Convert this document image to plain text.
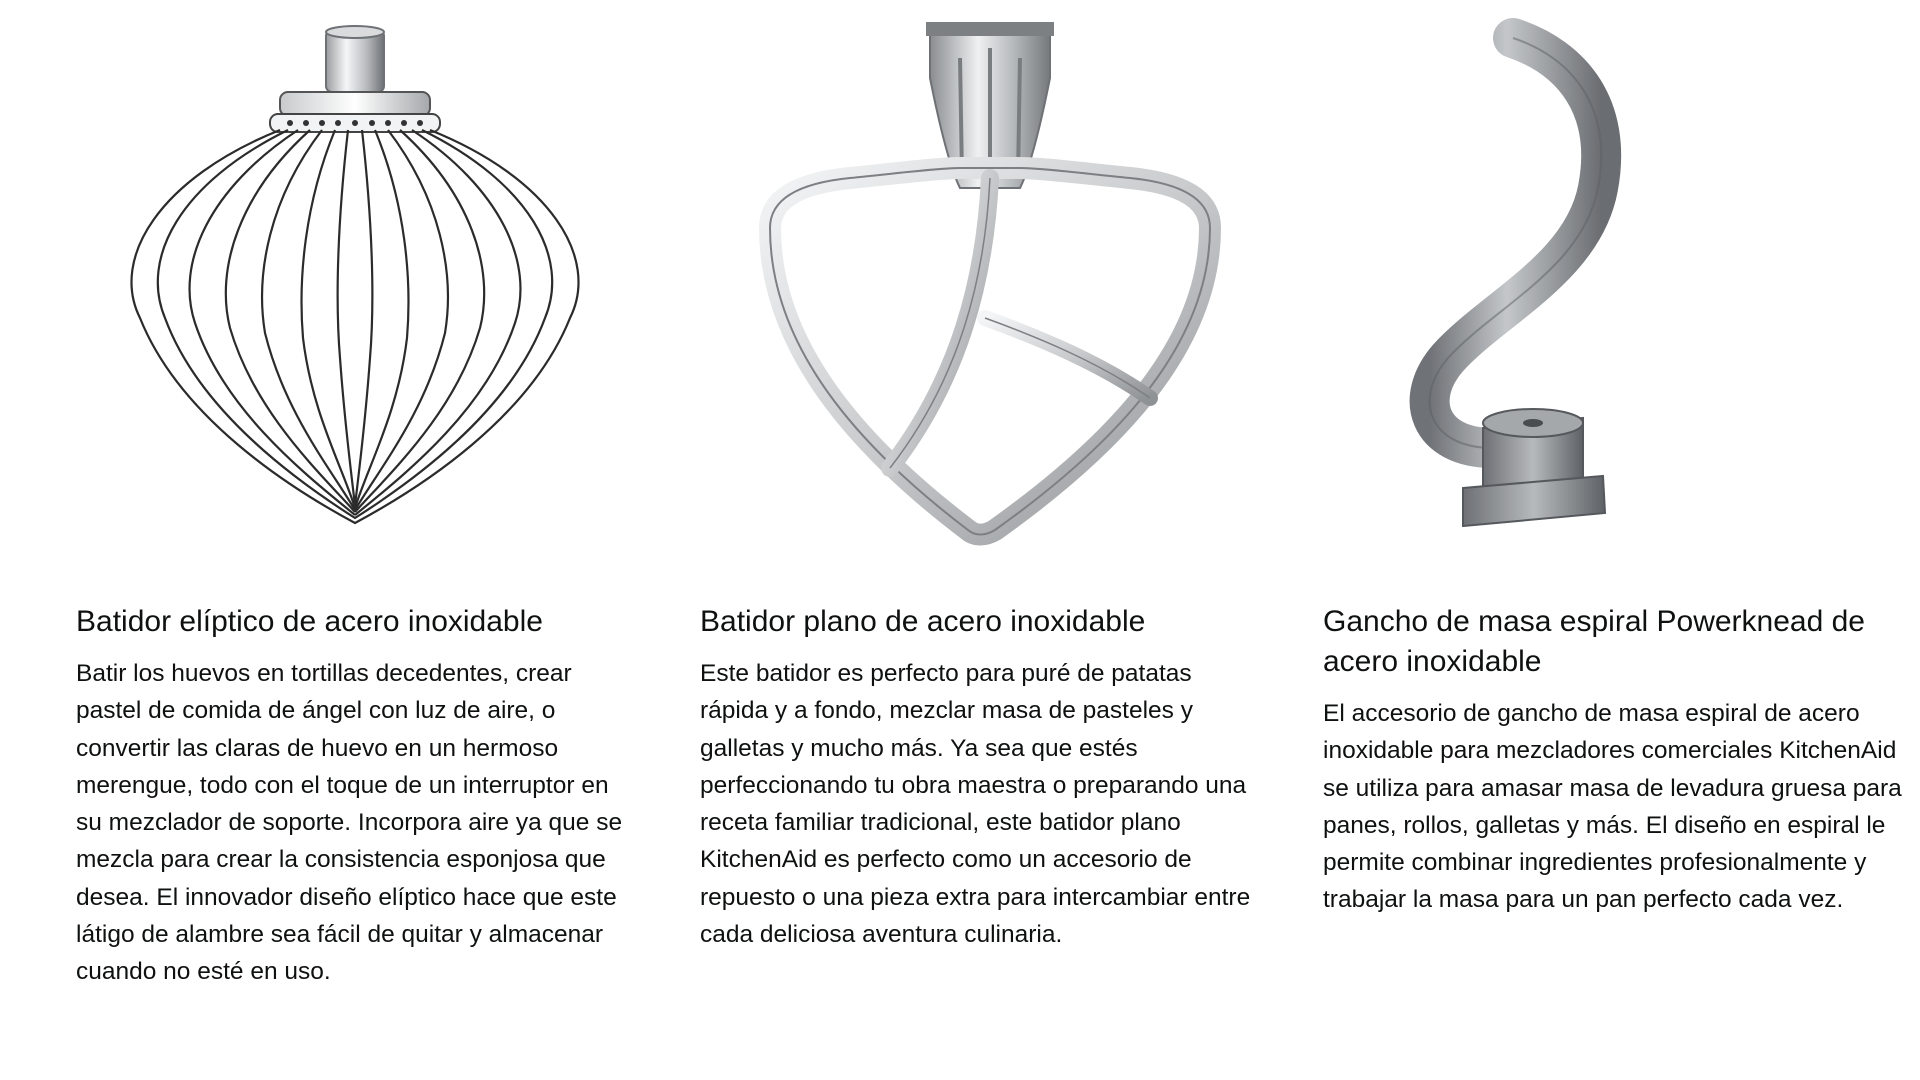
Batidor elíptico de acero inoxidable

Batir los huevos en tortillas decedentes, crear pastel de comida de ángel con luz de aire, o convertir las claras de huevo en un hermoso merengue, todo con el toque de un interruptor en su mezclador de soporte. Incorpora aire ya que se mezcla para crear la consistencia esponjosa que desea. El innovador diseño elíptico hace que este látigo de alambre sea fácil de quitar y almacenar cuando no esté en uso.

Batidor plano de acero inoxidable

Este batidor es perfecto para puré de patatas rápida y a fondo, mezclar masa de pasteles y galletas y mucho más. Ya sea que estés perfeccionando tu obra maestra o preparando una receta familiar tradicional, este batidor plano KitchenAid es perfecto como un accesorio de repuesto o una pieza extra para intercambiar entre cada deliciosa aventura culinaria.

Gancho de masa espiral Powerknead de acero inoxidable

El accesorio de gancho de masa espiral de acero inoxidable para mezcladores comerciales KitchenAid se utiliza para amasar masa de levadura gruesa para panes, rollos, galletas y más. El diseño en espiral le permite combinar ingredientes profesionalmente y trabajar la masa para un pan perfecto cada vez.
